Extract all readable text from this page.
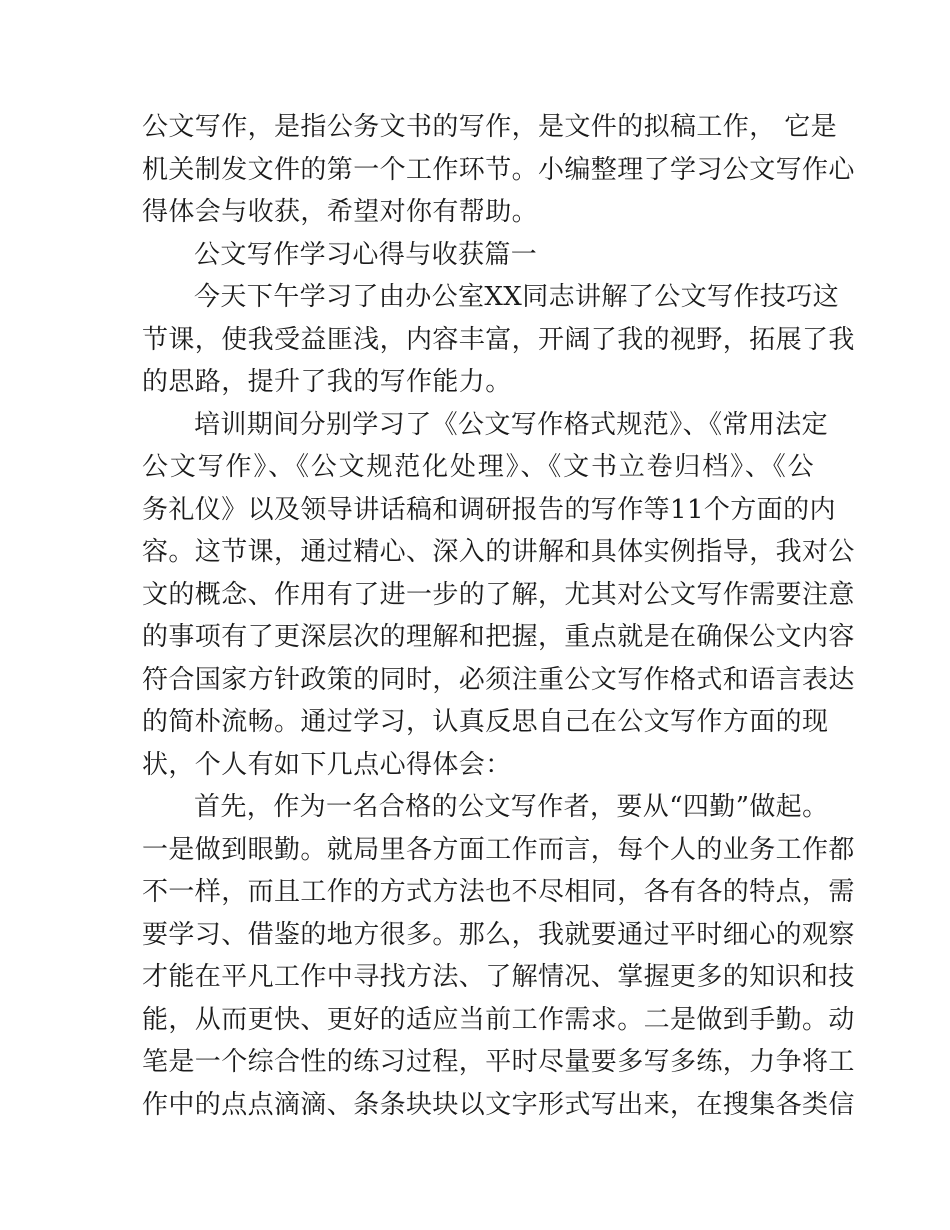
公文写作，是指公务文书的写作，是文件的拟稿工作， 它是
机关制发文件的第一个工作环节。小编整理了学习公文写作心
得体会与收获，希望对你有帮助。
公文写作学习心得与收获篇一
今天下午学习了由办公室XX同志讲解了公文写作技巧这
节课，使我受益匪浅，内容丰富，开阔了我的视野，拓展了我
的思路，提升了我的写作能力。
培训期间分别学习了《公文写作格式规范》、《常用法定
公文写作》、《公文规范化处理》、《文书立卷归档》、《公
务礼仪》以及领导讲话稿和调研报告的写作等11个方面的内
容。这节课，通过精心、深入的讲解和具体实例指导，我对公
文的概念、作用有了进一步的了解，尤其对公文写作需要注意
的事项有了更深层次的理解和把握，重点就是在确保公文内容
符合国家方针政策的同时，必须注重公文写作格式和语言表达
的简朴流畅。通过学习，认真反思自己在公文写作方面的现
状，个人有如下几点心得体会：
首先，作为一名合格的公文写作者，要从“四勤”做起。
一是做到眼勤。就局里各方面工作而言，每个人的业务工作都
不一样，而且工作的方式方法也不尽相同，各有各的特点，需
要学习、借鉴的地方很多。那么，我就要通过平时细心的观察
才能在平凡工作中寻找方法、了解情况、掌握更多的知识和技
能，从而更快、更好的适应当前工作需求。二是做到手勤。动
笔是一个综合性的练习过程，平时尽量要多写多练，力争将工
作中的点点滴滴、条条块块以文字形式写出来，在搜集各类信
